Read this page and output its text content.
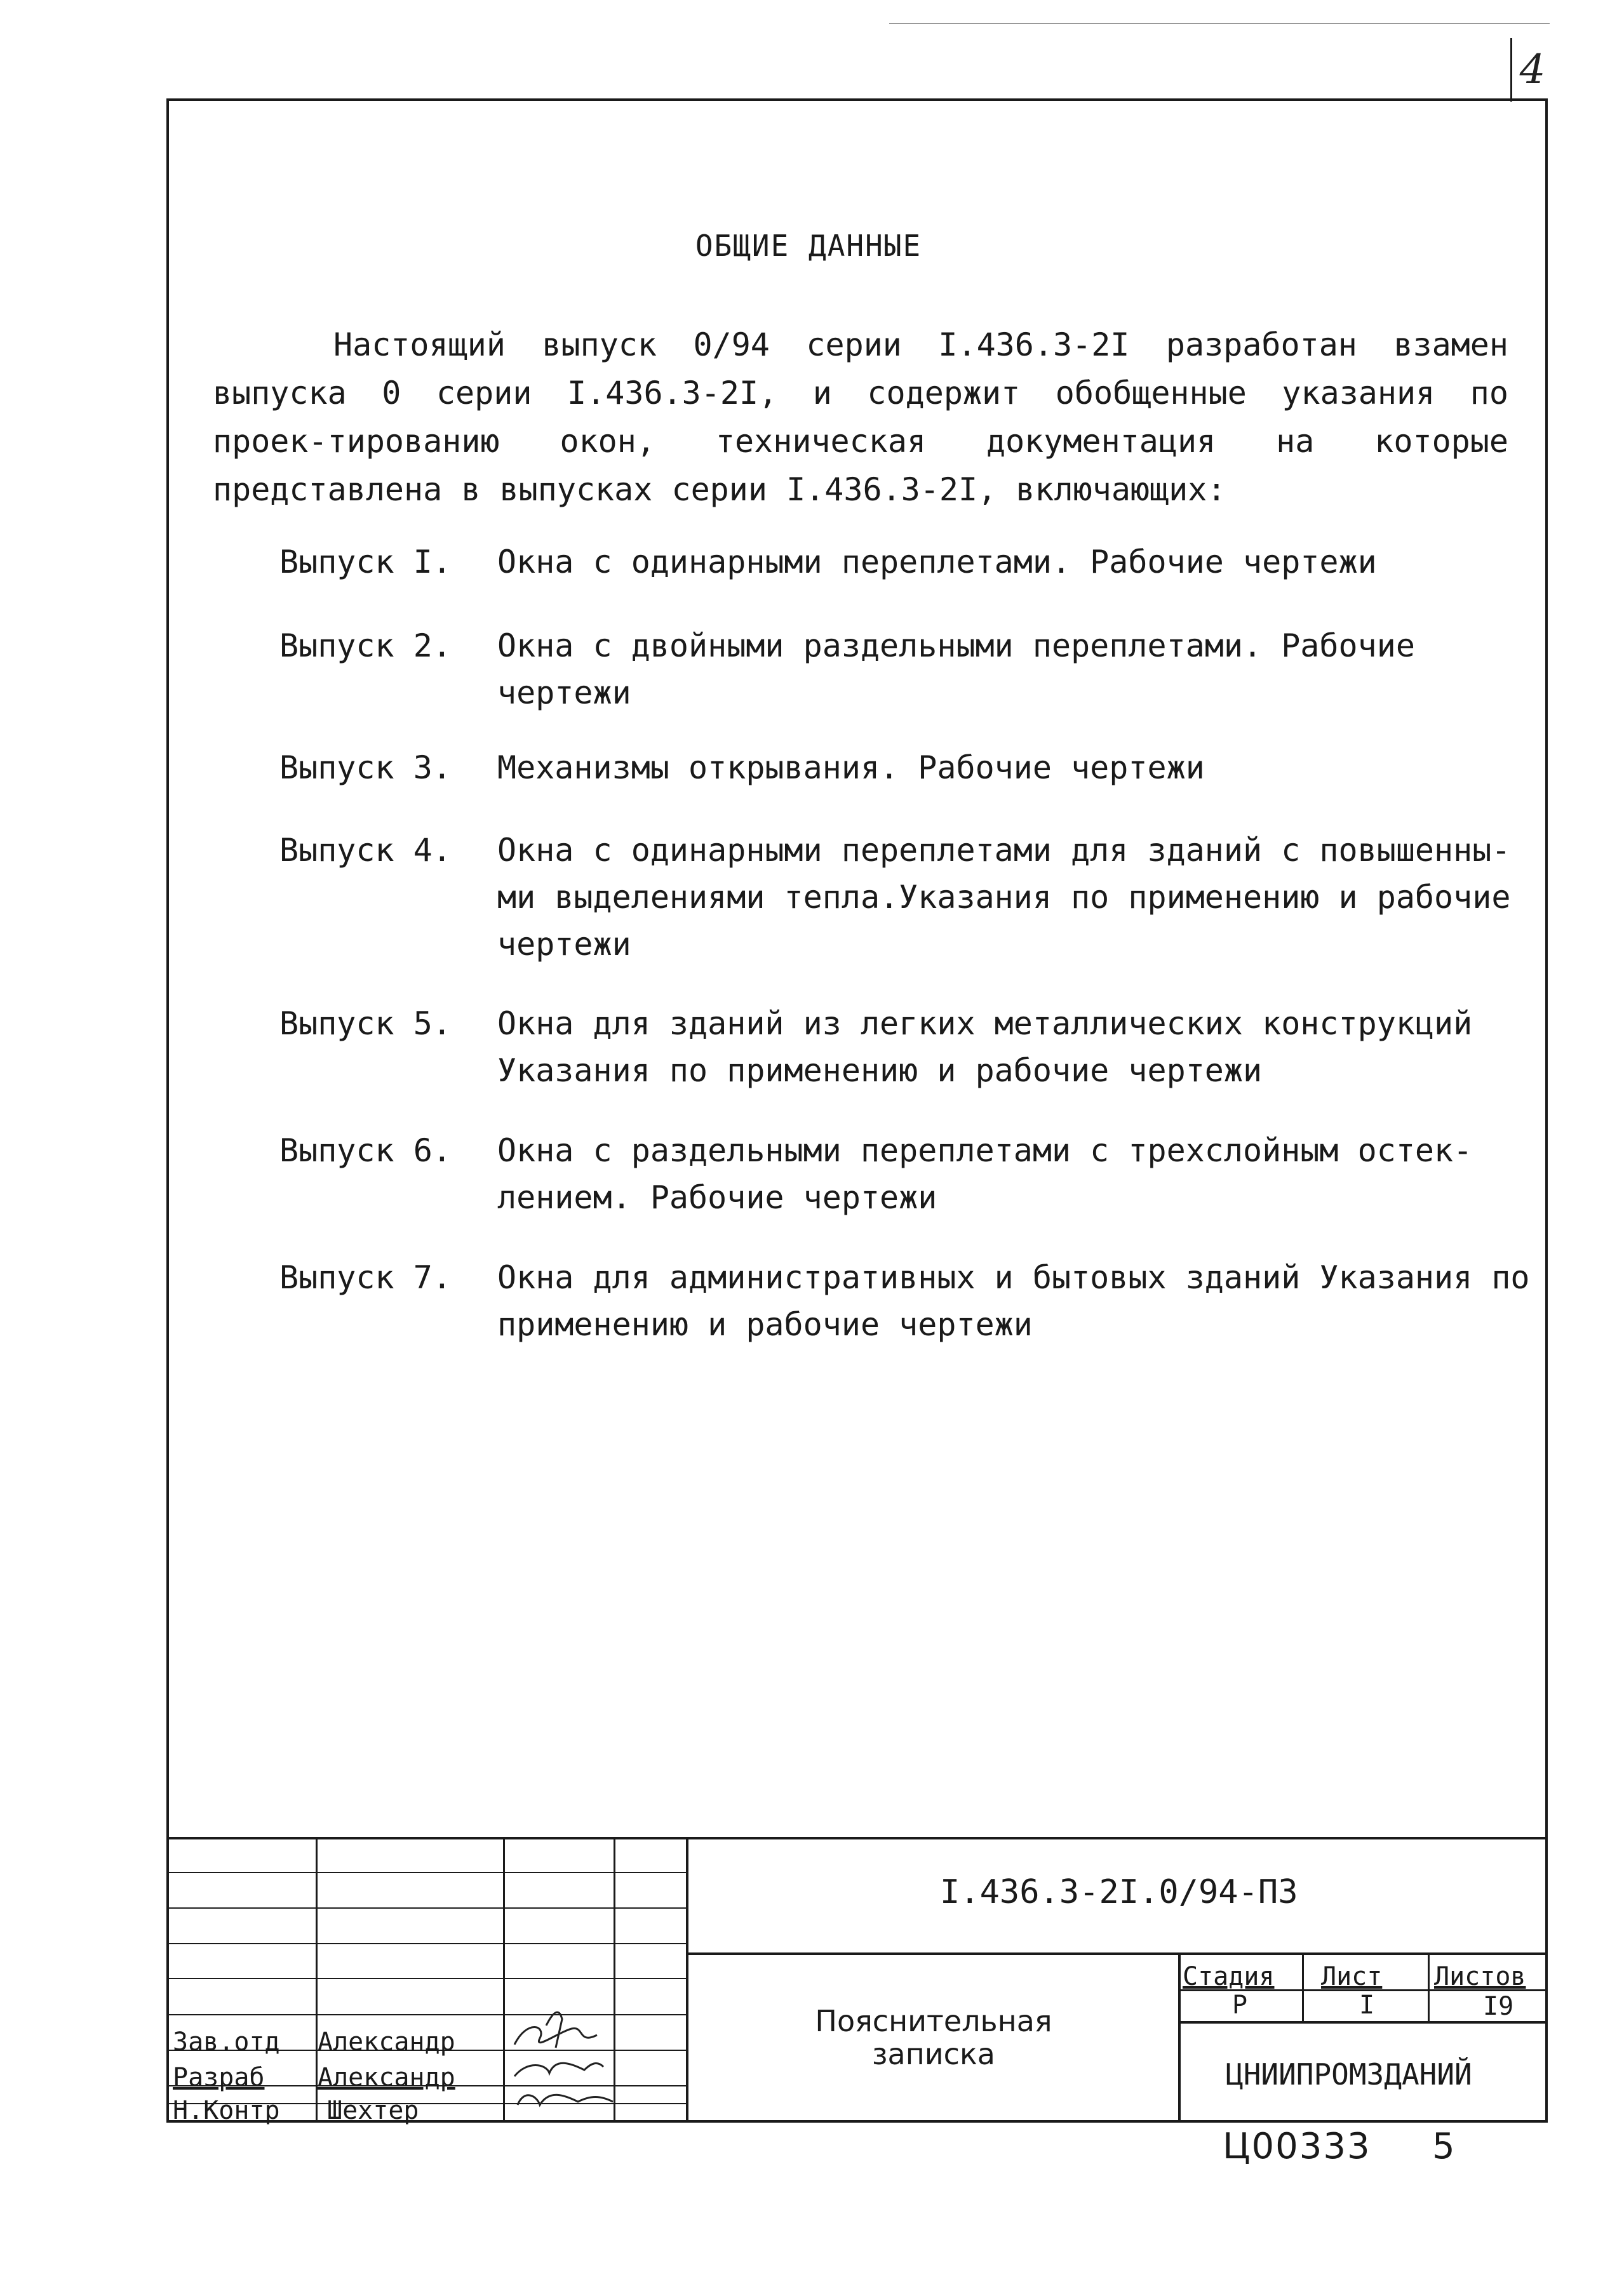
4
ОБЩИЕ ДАННЫЕ

Настоящий выпуск 0/94 серии I.436.3-2I разработан взамен выпуска 0 серии I.436.3-2I, и содержит обобщенные указания по проек-тированию окон, техническая документация на которые представлена в выпусках серии I.436.3-2I, включающих:

Выпуск I. Окна с одинарными переплетами. Рабочие чертежи
Выпуск 2. Окна с двойными раздельными переплетами. Рабочие чертежи
Выпуск 3. Механизмы открывания. Рабочие чертежи
Выпуск 4. Окна с одинарными переплетами для зданий с повышенны-ми выделениями тепла.Указания по применению и рабочие чертежи
Выпуск 5. Окна для зданий из легких металлических конструкций Указания по применению и рабочие чертежи
Выпуск 6. Окна с раздельными переплетами с трехслойным остек-лением. Рабочие чертежи
Выпуск 7. Окна для административных и бытовых зданий Указания по применению и рабочие чертежи
I.436.3-2I.0/94-ПЗ
Пояснительная
записка
Стадия Лист Листов
Р	I	I9
ЦНИИПРОМЗДАНИЙ
Зав.отд Александр
Разраб Александр
Н.Контр Шехтер
Ц00333 5
